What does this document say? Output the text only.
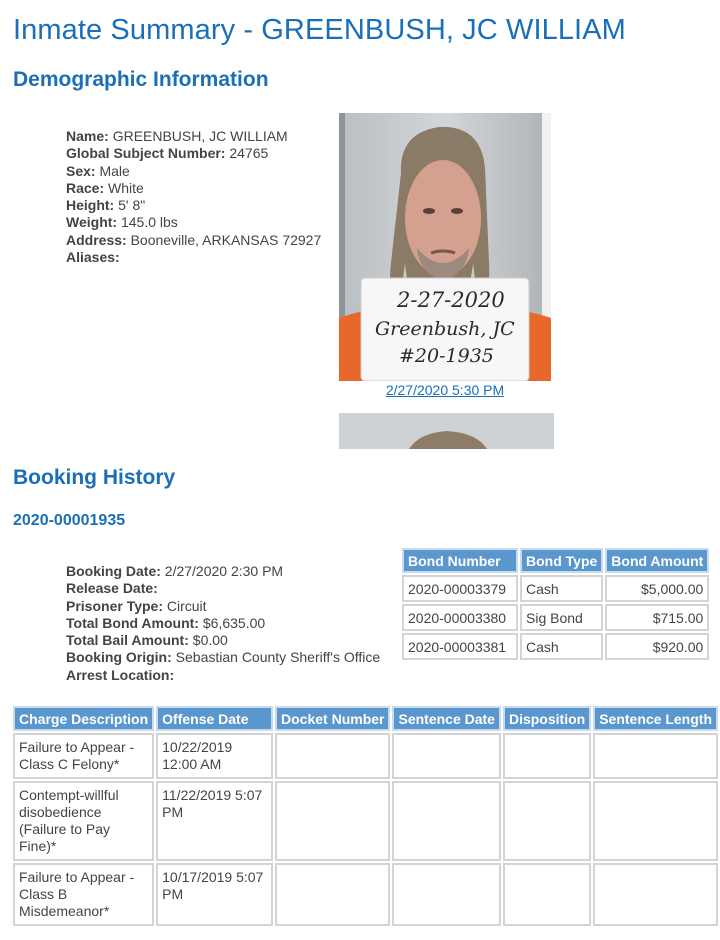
Inmate Summary - GREENBUSH, JC WILLIAM
Demographic Information
Name: GREENBUSH, JC WILLIAM
Global Subject Number: 24765
Sex: Male
Race: White
Height: 5' 8"
Weight: 145.0 lbs
Address: Booneville, ARKANSAS 72927
Aliases:
2-27-2020
Greenbush, JC
#20-1935
2/27/2020 5:30 PM
Booking History
2020-00001935
Booking Date: 2/27/2020 2:30 PM
Release Date:
Prisoner Type: Circuit
Total Bond Amount: $6,635.00
Total Bail Amount: $0.00
Booking Origin: Sebastian County Sheriff's Office
Arrest Location:
Bond Number	Bond Type	Bond Amount
2020-00003379	Cash	$5,000.00
2020-00003380	Sig Bond	$715.00
2020-00003381	Cash	$920.00
Charge Description	Offense Date	Docket Number	Sentence Date	Disposition	Sentence Length
Failure to Appear - Class C Felony*	10/22/2019 12:00 AM				
Contempt-willful disobedience (Failure to Pay Fine)*	11/22/2019 5:07 PM				
Failure to Appear - Class B Misdemeanor*	10/17/2019 5:07 PM				
